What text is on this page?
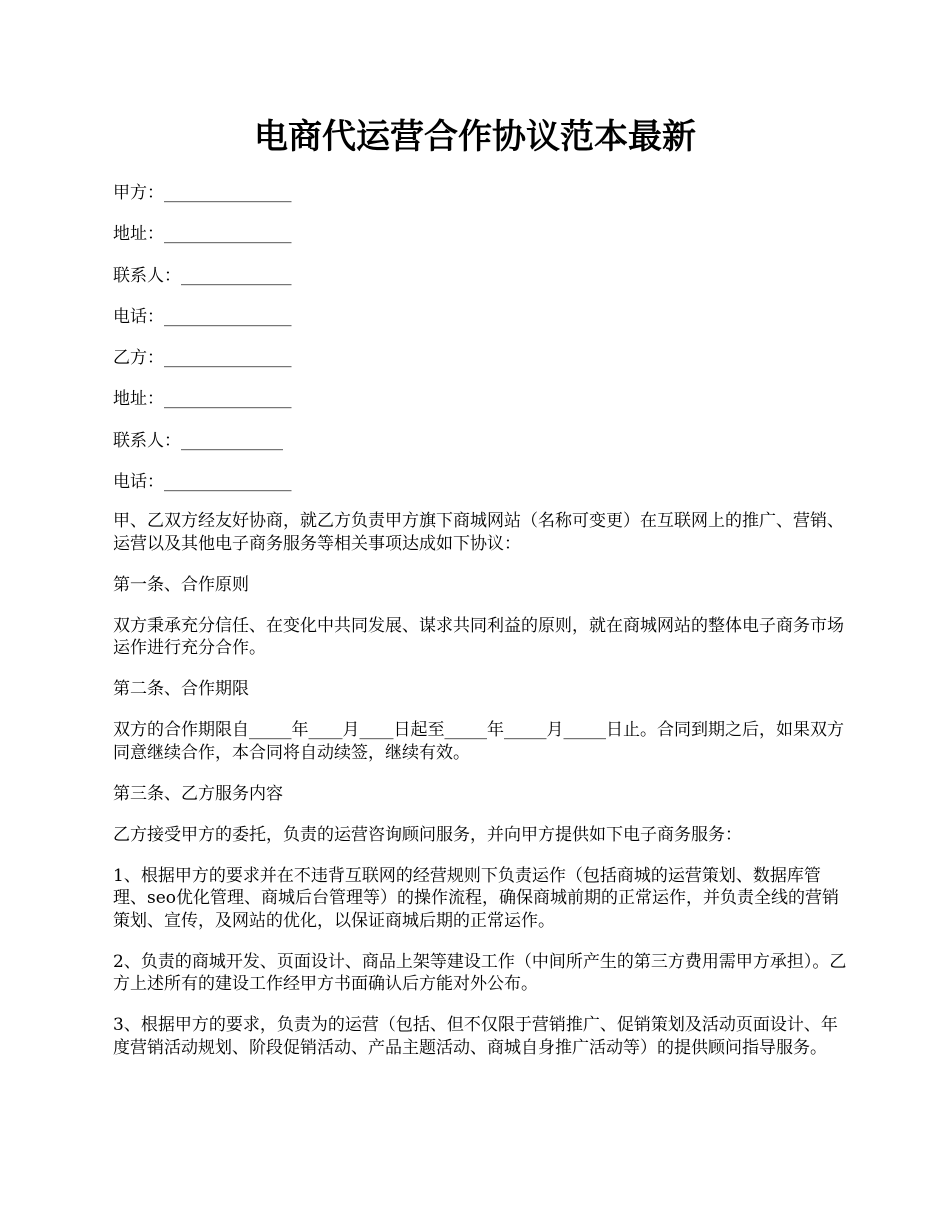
电商代运营合作协议范本最新
甲方：_______________
地址：_______________
联系人：_____________
电话：_______________
乙方：_______________
地址：_______________
联系人：____________
电话：_______________

甲、乙双方经友好协商，就乙方负责甲方旗下商城网站（名称可变更）在互联网上的推广、营销、运营以及其他电子商务服务等相关事项达成如下协议：

第一条、合作原则

双方秉承充分信任、在变化中共同发展、谋求共同利益的原则，就在商城网站的整体电子商务市场运作进行充分合作。

第二条、合作期限

双方的合作期限自_____年____月____日起至_____年_____月_____日止。合同到期之后，如果双方同意继续合作，本合同将自动续签，继续有效。

第三条、乙方服务内容

乙方接受甲方的委托，负责的运营咨询顾问服务，并向甲方提供如下电子商务服务：

1、根据甲方的要求并在不违背互联网的经营规则下负责运作（包括商城的运营策划、数据库管理、seo优化管理、商城后台管理等）的操作流程，确保商城前期的正常运作，并负责全线的营销策划、宣传，及网站的优化，以保证商城后期的正常运作。

2、负责的商城开发、页面设计、商品上架等建设工作（中间所产生的第三方费用需甲方承担）。乙方上述所有的建设工作经甲方书面确认后方能对外公布。

3、根据甲方的要求，负责为的运营（包括、但不仅限于营销推广、促销策划及活动页面设计、年度营销活动规划、阶段促销活动、产品主题活动、商城自身推广活动等）的提供顾问指导服务。
